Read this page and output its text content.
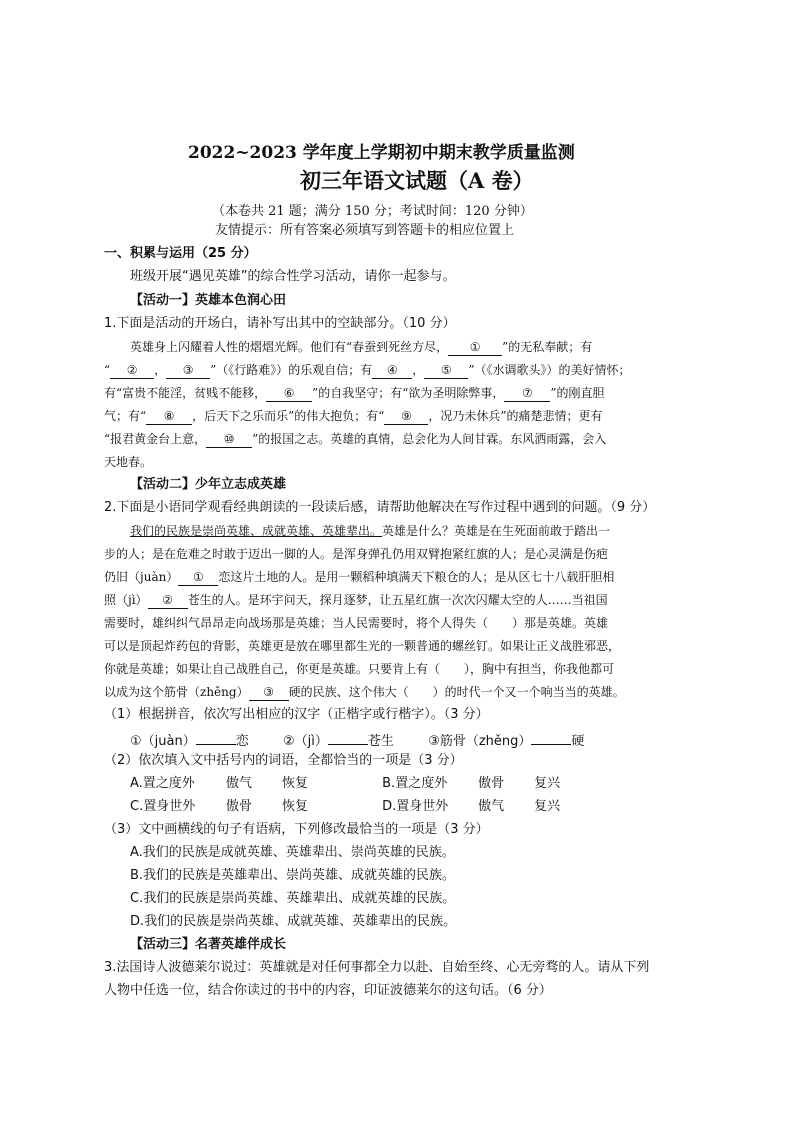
2022~2023 学年度上学期初中期末教学质量监测
初三年语文试题（A 卷）
（本卷共 21 题；满分 150 分；考试时间：120 分钟）
友情提示：所有答案必须填写到答题卡的相应位置上
一、积累与运用（25 分）
班级开展“遇见英雄”的综合性学习活动，请你一起参与。
【活动一】英雄本色润心田
1.下面是活动的开场白，请补写出其中的空缺部分。（10 分）
英雄身上闪耀着人性的熠熠光辉。他们有“春蚕到死丝方尽， ① ”的无私奉献；有
“ ② ， ③ ”（《行路难》）的乐观自信；有 ④ ， ⑤ ”（《水调歌头》）的美好情怀；
有“富贵不能淫，贫贱不能移， ⑥ ”的自我坚守；有“欲为圣明除弊事， ⑦ ”的刚直胆
气；有“ ⑧ ，后天下之乐而乐”的伟大抱负；有“ ⑨ ，况乃未休兵”的痛楚悲情；更有
“报君黄金台上意， ⑩ ”的报国之志。英雄的真情，总会化为人间甘霖。东风洒雨露，会入
天地春。
【活动二】少年立志成英雄
2.下面是小语同学观看经典朗读的一段读后感，请帮助他解决在写作过程中遇到的问题。（9 分）
我们的民族是崇尚英雄、成就英雄、英雄辈出。英雄是什么？英雄是在生死面前敢于踏出一
步的人；是在危难之时敢于迈出一脚的人。是浑身弹孔仍用双臂抱紧红旗的人；是心灵满是伤疤
仍旧（juàn） ① 恋这片土地的人。是用一颗稻种填满天下粮仓的人；是从区七十八载肝胆相
照（jì） ② 苍生的人。是环宇问天，探月逐梦，让五星红旗一次次闪耀太空的人……当祖国
需要时，雄纠纠气昂昂走向战场那是英雄；当人民需要时，将个人得失（　　）那是英雄。英雄
可以是顶起炸药包的背影，英雄更是放在哪里都生光的一颗普通的螺丝钉。如果让正义战胜邪恶，
你就是英雄；如果让自己战胜自己，你更是英雄。只要肯上有（　　），胸中有担当，你我他都可
以成为这个筋骨（zhěng） ③ 硬的民族、这个伟大（　　）的时代一个又一个响当当的英雄。
（1）根据拼音，依次写出相应的汉字（正楷字或行楷字）。（3 分）
①（juàn）	恋	②（jì）	苍生	③筋骨（zhěng）	硬
（2）依次填入文中括号内的词语，全都恰当的一项是（3 分）
A.置之度外 傲气 恢复	B.置之度外 傲骨 复兴
C.置身世外 傲骨 恢复	D.置身世外 傲气 复兴
（3）文中画横线的句子有语病，下列修改最恰当的一项是（3 分）
A.我们的民族是成就英雄、英雄辈出、崇尚英雄的民族。
B.我们的民族是英雄辈出、崇尚英雄、成就英雄的民族。
C.我们的民族是崇尚英雄、英雄辈出、成就英雄的民族。
D.我们的民族是崇尚英雄、成就英雄、英雄辈出的民族。
【活动三】名著英雄伴成长
3.法国诗人波德莱尔说过：英雄就是对任何事都全力以赴、自始至终、心无旁骛的人。请从下列
人物中任选一位，结合你读过的书中的内容，印证波德莱尔的这句话。（6 分）
